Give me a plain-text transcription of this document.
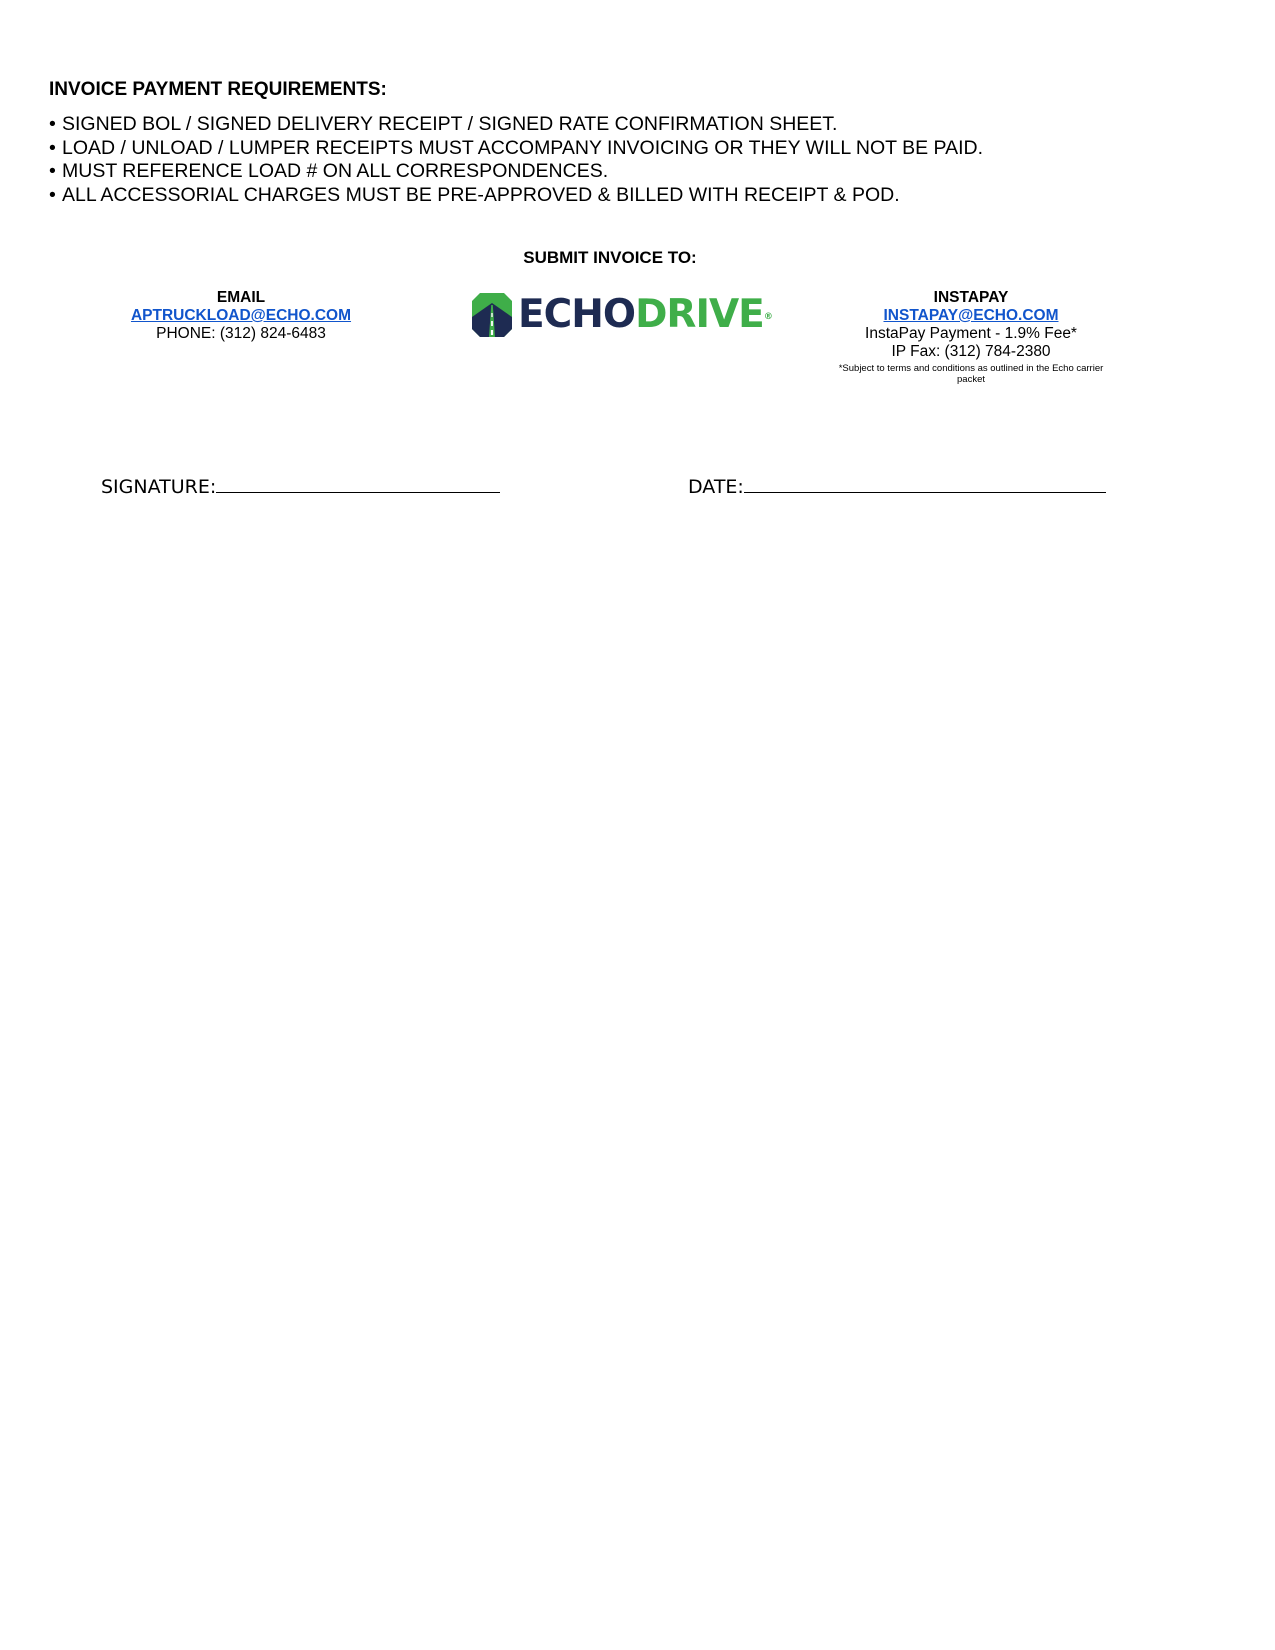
INVOICE PAYMENT REQUIREMENTS:
• SIGNED BOL / SIGNED DELIVERY RECEIPT / SIGNED RATE CONFIRMATION SHEET.
• LOAD / UNLOAD / LUMPER RECEIPTS MUST ACCOMPANY INVOICING OR THEY WILL NOT BE PAID.
• MUST REFERENCE LOAD # ON ALL CORRESPONDENCES.
• ALL ACCESSORIAL CHARGES MUST BE PRE-APPROVED & BILLED WITH RECEIPT & POD.
SUBMIT INVOICE TO:
EMAIL
APTRUCKLOAD@ECHO.COM
PHONE: (312) 824-6483	ECHODRIVE®
INSTAPAY
INSTAPAY@ECHO.COM
InstaPay Payment - 1.9% Fee*
IP Fax: (312) 784-2380
*Subject to terms and conditions as outlined in the Echo carrier packet
SIGNATURE:	DATE:
